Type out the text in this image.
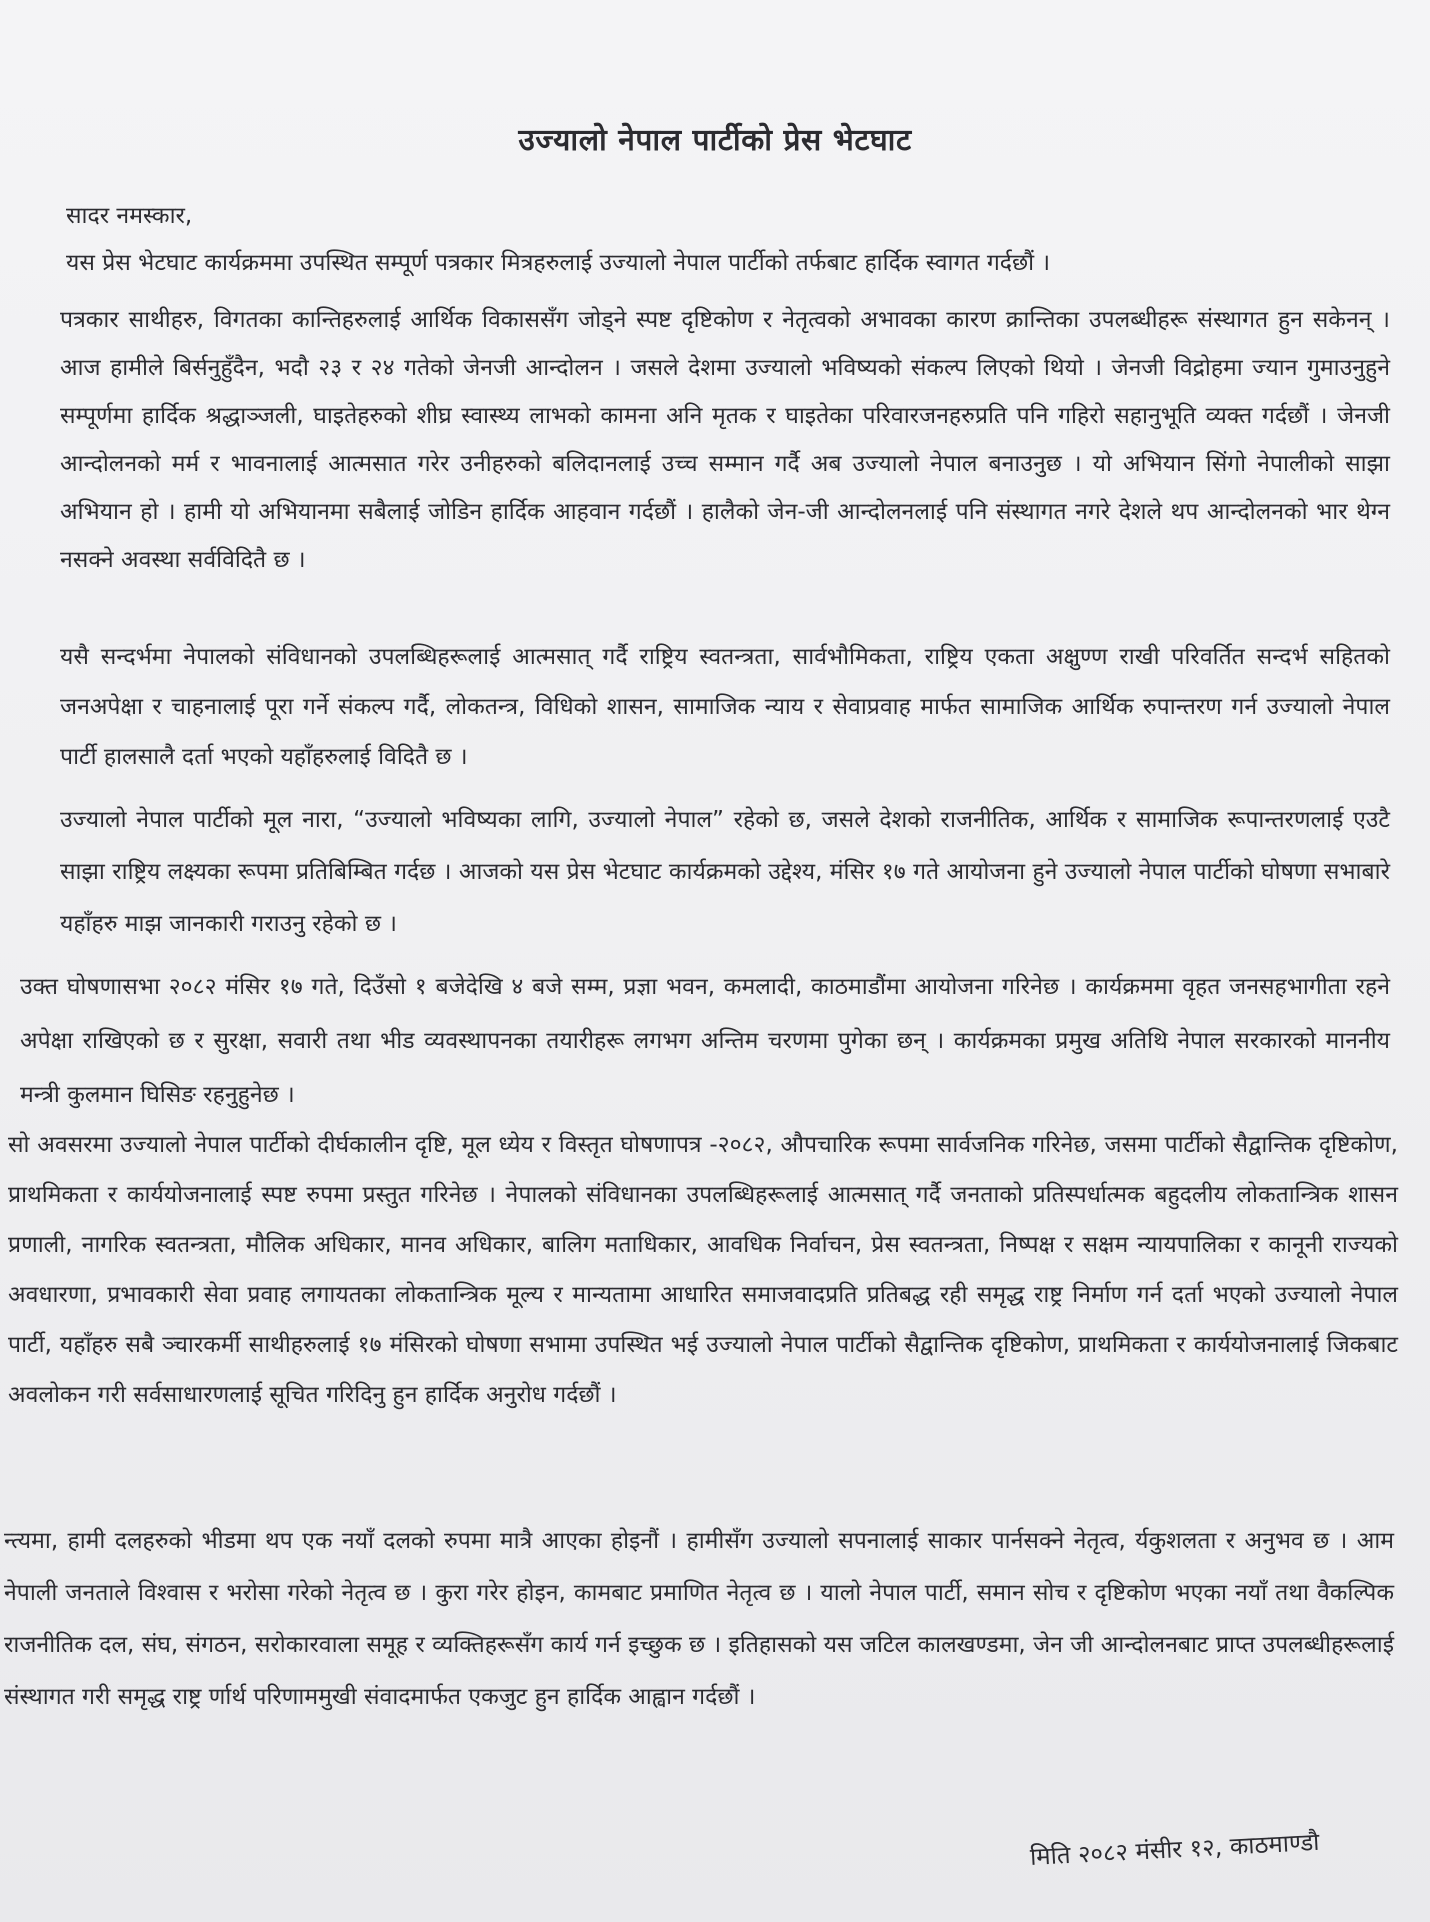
उज्यालो नेपाल पार्टीको प्रेस भेटघाट
सादर नमस्कार,
यस प्रेस भेटघाट कार्यक्रममा उपस्थित सम्पूर्ण पत्रकार मित्रहरुलाई उज्यालो नेपाल पार्टीको तर्फबाट हार्दिक स्वागत गर्दछौं ।
पत्रकार साथीहरु, विगतका कान्तिहरुलाई आर्थिक विकाससँग जोड्ने स्पष्ट दृष्टिकोण र नेतृत्वको अभावका कारण क्रान्तिका उपलब्धीहरू संस्थागत हुन सकेनन् । आज हामीले बिर्सनुहुँदैन, भदौ २३ र २४ गतेको जेनजी आन्दोलन । जसले देशमा उज्यालो भविष्यको संकल्प लिएको थियो । जेनजी विद्रोहमा ज्यान गुमाउनुहुने सम्पूर्णमा हार्दिक श्रद्धाञ्जली, घाइतेहरुको शीघ्र स्वास्थ्य लाभको कामना अनि मृतक र घाइतेका परिवारजनहरुप्रति पनि गहिरो सहानुभूति व्यक्त गर्दछौं । जेनजी आन्दोलनको मर्म र भावनालाई आत्मसात गरेर उनीहरुको बलिदानलाई उच्च सम्मान गर्दै अब उज्यालो नेपाल बनाउनुछ । यो अभियान सिंगो नेपालीको साझा अभियान हो । हामी यो अभियानमा सबैलाई जोडिन हार्दिक आहवान गर्दछौं । हालैको जेन-जी आन्दोलनलाई पनि संस्थागत नगरे देशले थप आन्दोलनको भार थेग्न नसक्ने अवस्था सर्वविदितै छ ।
यसै सन्दर्भमा नेपालको संविधानको उपलब्धिहरूलाई आत्मसात् गर्दै राष्ट्रिय स्वतन्त्रता, सार्वभौमिकता, राष्ट्रिय एकता अक्षुण्ण राखी परिवर्तित सन्दर्भ सहितको जनअपेक्षा र चाहनालाई पूरा गर्ने संकल्प गर्दै, लोकतन्त्र, विधिको शासन, सामाजिक न्याय र सेवाप्रवाह मार्फत सामाजिक आर्थिक रुपान्तरण गर्न उज्यालो नेपाल पार्टी हालसालै दर्ता भएको यहाँहरुलाई विदितै छ ।
उज्यालो नेपाल पार्टीको मूल नारा, “उज्यालो भविष्यका लागि, उज्यालो नेपाल” रहेको छ, जसले देशको राजनीतिक, आर्थिक र सामाजिक रूपान्तरणलाई एउटै साझा राष्ट्रिय लक्ष्यका रूपमा प्रतिबिम्बित गर्दछ । आजको यस प्रेस भेटघाट कार्यक्रमको उद्देश्य, मंसिर १७ गते आयोजना हुने उज्यालो नेपाल पार्टीको घोषणा सभाबारे यहाँहरु माझ जानकारी गराउनु रहेको छ ।
उक्त घोषणासभा २०८२ मंसिर १७ गते, दिउँसो १ बजेदेखि ४ बजे सम्म, प्रज्ञा भवन, कमलादी, काठमाडौंमा आयोजना गरिनेछ । कार्यक्रममा वृहत जनसहभागीता रहने अपेक्षा राखिएको छ र सुरक्षा, सवारी तथा भीड व्यवस्थापनका तयारीहरू लगभग अन्तिम चरणमा पुगेका छन् । कार्यक्रमका प्रमुख अतिथि नेपाल सरकारको माननीय मन्त्री कुलमान घिसिङ रहनुहुनेछ ।
सो अवसरमा उज्यालो नेपाल पार्टीको दीर्घकालीन दृष्टि, मूल ध्येय र विस्तृत घोषणापत्र -२०८२, औपचारिक रूपमा सार्वजनिक गरिनेछ, जसमा पार्टीको सैद्वान्तिक दृष्टिकोण, प्राथमिकता र कार्ययोजनालाई स्पष्ट रुपमा प्रस्तुत गरिनेछ । नेपालको संविधानका उपलब्धिहरूलाई आत्मसात् गर्दै जनताको प्रतिस्पर्धात्मक बहुदलीय लोकतान्त्रिक शासन प्रणाली, नागरिक स्वतन्त्रता, मौलिक अधिकार, मानव अधिकार, बालिग मताधिकार, आवधिक निर्वाचन, प्रेस स्वतन्त्रता, निष्पक्ष र सक्षम न्यायपालिका र कानूनी राज्यको अवधारणा, प्रभावकारी सेवा प्रवाह लगायतका लोकतान्त्रिक मूल्य र मान्यतामा आधारित समाजवादप्रति प्रतिबद्ध रही समृद्ध राष्ट्र निर्माण गर्न दर्ता भएको उज्यालो नेपाल पार्टी, यहाँहरु सबै ञ्चारकर्मी साथीहरुलाई १७ मंसिरको घोषणा सभामा उपस्थित भई उज्यालो नेपाल पार्टीको सैद्वान्तिक दृष्टिकोण, प्राथमिकता र कार्ययोजनालाई जिकबाट अवलोकन गरी सर्वसाधारणलाई सूचित गरिदिनु हुन हार्दिक अनुरोध गर्दछौं ।
न्त्यमा, हामी दलहरुको भीडमा थप एक नयाँ दलको रुपमा मात्रै आएका होइनौं । हामीसँग उज्यालो सपनालाई साकार पार्नसक्ने नेतृत्व, र्यकुशलता र अनुभव छ । आम नेपाली जनताले विश्वास र भरोसा गरेको नेतृत्व छ । कुरा गरेर होइन, कामबाट प्रमाणित नेतृत्व छ । यालो नेपाल पार्टी, समान सोच र दृष्टिकोण भएका नयाँ तथा वैकल्पिक राजनीतिक दल, संघ, संगठन, सरोकारवाला समूह र व्यक्तिहरूसँग कार्य गर्न इच्छुक छ । इतिहासको यस जटिल कालखण्डमा, जेन जी आन्दोलनबाट प्राप्त उपलब्धीहरूलाई संस्थागत गरी समृद्ध राष्ट्र र्णार्थ परिणाममुखी संवादमार्फत एकजुट हुन हार्दिक आह्वान गर्दछौं ।
मिति २०८२ मंसीर १२, काठमाण्डौ
